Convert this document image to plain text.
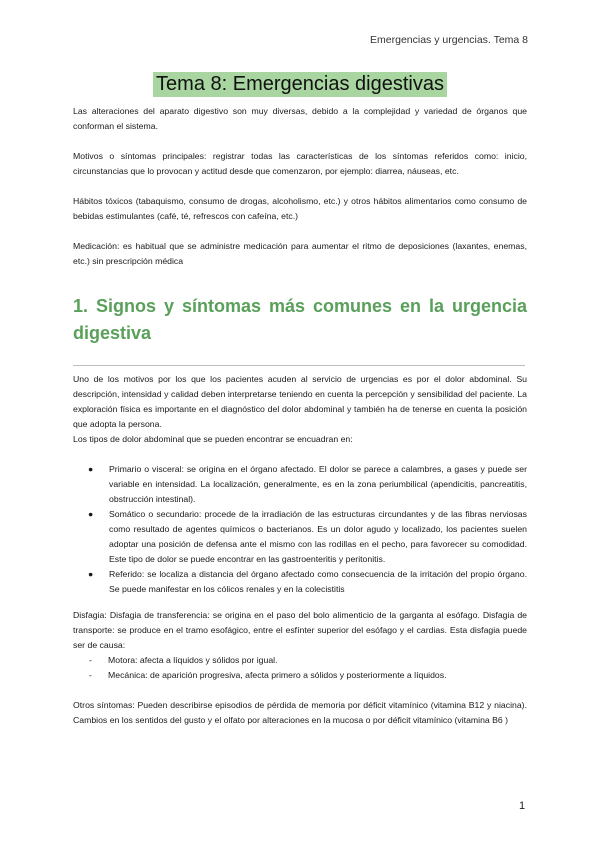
Emergencias y urgencias. Tema 8
Tema 8: Emergencias digestivas

Las alteraciones del aparato digestivo son muy diversas, debido a la complejidad y variedad de órganos que conforman el sistema.

Motivos o síntomas principales: registrar todas las características de los síntomas referidos como: inicio, circunstancias que lo provocan y actitud desde que comenzaron, por ejemplo: diarrea, náuseas, etc.

Hábitos tóxicos (tabaquismo, consumo de drogas, alcoholismo, etc.) y otros hábitos alimentarios como consumo de bebidas estimulantes (café, té, refrescos con cafeína, etc.)

Medicación: es habitual que se administre medicación para aumentar el ritmo de deposiciones (laxantes, enemas, etc.) sin prescripción médica

1. Signos y síntomas más comunes en la urgencia digestiva

Uno de los motivos por los que los pacientes acuden al servicio de urgencias es por el dolor abdominal. Su descripción, intensidad y calidad deben interpretarse teniendo en cuenta la percepción y sensibilidad del paciente. La exploración física es importante en el diagnóstico del dolor abdominal y también ha de tenerse en cuenta la posición que adopta la persona.

Los tipos de dolor abdominal que se pueden encontrar se encuadran en:

● Primario o visceral: se origina en el órgano afectado. El dolor se parece a calambres, a gases y puede ser variable en intensidad. La localización, generalmente, es en la zona periumbilical (apendicitis, pancreatitis, obstrucción intestinal).
● Somático o secundario: procede de la irradiación de las estructuras circundantes y de las fibras nerviosas como resultado de agentes químicos o bacterianos. Es un dolor agudo y localizado, los pacientes suelen adoptar una posición de defensa ante el mismo con las rodillas en el pecho, para favorecer su comodidad. Este tipo de dolor se puede encontrar en las gastroenteritis y peritonitis.
● Referido: se localiza a distancia del órgano afectado como consecuencia de la irritación del propio órgano. Se puede manifestar en los cólicos renales y en la colecistitis

Disfagia: Disfagia de transferencia: se origina en el paso del bolo alimenticio de la garganta al esófago. Disfagia de transporte: se produce en el tramo esofágico, entre el esfínter superior del esófago y el cardias. Esta disfagia puede ser de causa:

- Motora: afecta a líquidos y sólidos por igual.
- Mecánica: de aparición progresiva, afecta primero a sólidos y posteriormente a líquidos.

Otros síntomas: Pueden describirse episodios de pérdida de memoria por déficit vitamínico (vitamina B12 y niacina). Cambios en los sentidos del gusto y el olfato por alteraciones en la mucosa o por déficit vitamínico (vitamina B6 )

1
